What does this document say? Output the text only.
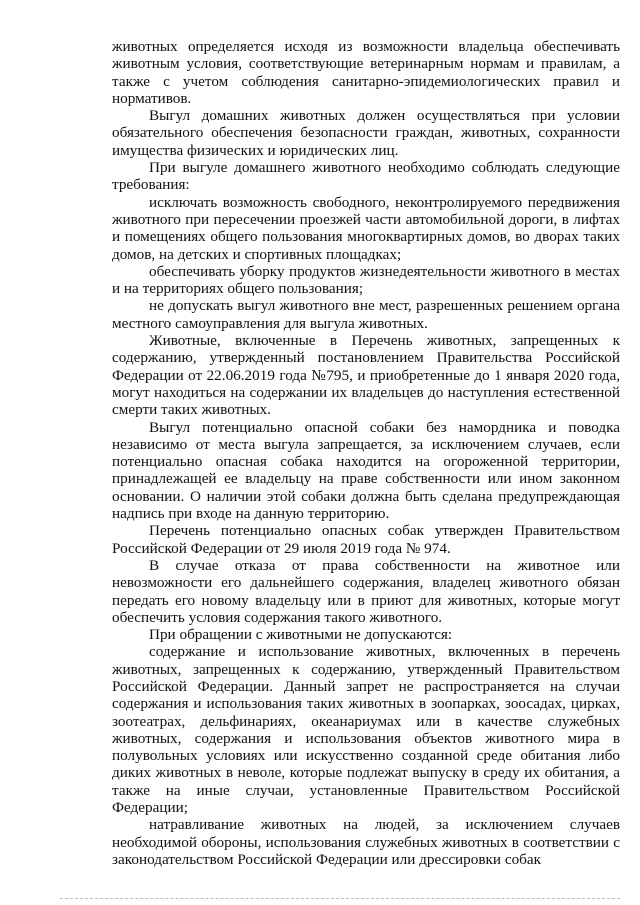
животных определяется исходя из возможности владельца обеспечивать животным условия, соответствующие ветеринарным нормам и правилам, а также с учетом соблюдения санитарно-эпидемиологических правил и нормативов.

Выгул домашних животных должен осуществляться при условии обязательного обеспечения безопасности граждан, животных, сохранности имущества физических и юридических лиц.

При выгуле домашнего животного необходимо соблюдать следующие требования:

исключать возможность свободного, неконтролируемого передвижения животного при пересечении проезжей части автомобильной дороги, в лифтах и помещениях общего пользования многоквартирных домов, во дворах таких домов, на детских и спортивных площадках;

обеспечивать уборку продуктов жизнедеятельности животного в местах и на территориях общего пользования;

не допускать выгул животного вне мест, разрешенных решением органа местного самоуправления для выгула животных.

Животные, включенные в Перечень животных, запрещенных к содержанию, утвержденный постановлением Правительства Российской Федерации от 22.06.2019 года №795, и приобретенные до 1 января 2020 года, могут находиться на содержании их владельцев до наступления естественной смерти таких животных.

Выгул потенциально опасной собаки без намордника и поводка независимо от места выгула запрещается, за исключением случаев, если потенциально опасная собака находится на огороженной территории, принадлежащей ее владельцу на праве собственности или ином законном основании. О наличии этой собаки должна быть сделана предупреждающая надпись при входе на данную территорию.

Перечень потенциально опасных собак утвержден Правительством Российской Федерации от 29 июля 2019 года № 974.

В случае отказа от права собственности на животное или невозможности его дальнейшего содержания, владелец животного обязан передать его новому владельцу или в приют для животных, которые могут обеспечить условия содержания такого животного.

При обращении с животными не допускаются:

содержание и использование животных, включенных в перечень животных, запрещенных к содержанию, утвержденный Правительством Российской Федерации. Данный запрет не распространяется на случаи содержания и использования таких животных в зоопарках, зоосадах, цирках, зоотеатрах, дельфинариях, океанариумах или в качестве служебных животных, содержания и использования объектов животного мира в полувольных условиях или искусственно созданной среде обитания либо диких животных в неволе, которые подлежат выпуску в среду их обитания, а также на иные случаи, установленные Правительством Российской Федерации;

натравливание животных на людей, за исключением случаев необходимой обороны, использования служебных животных в соответствии с законодательством Российской Федерации или дрессировки собак
